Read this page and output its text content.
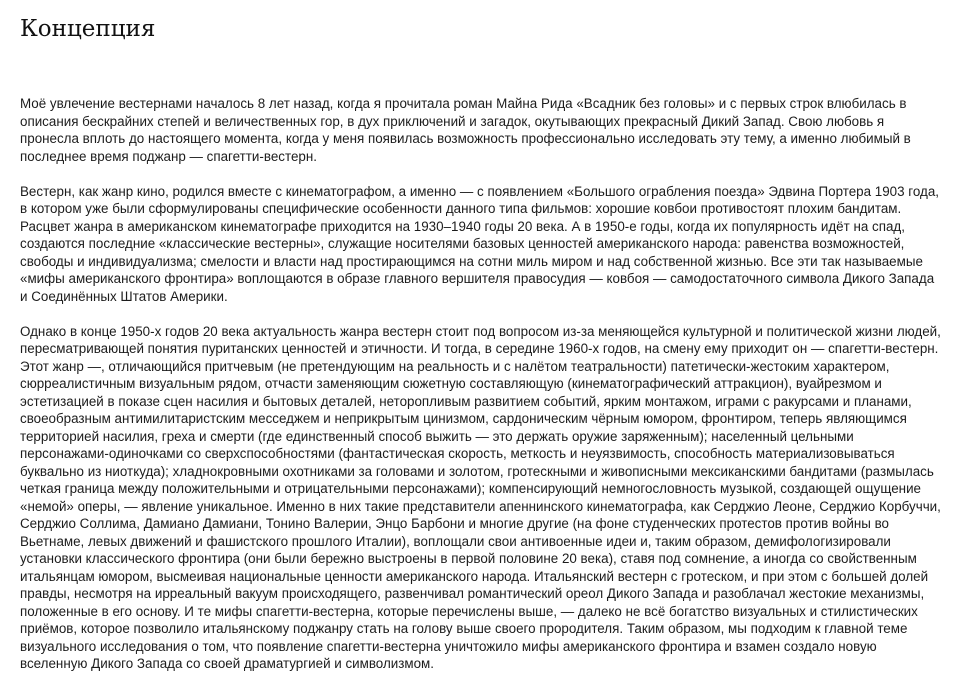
Концепция

Моё увлечение вестернами началось 8 лет назад, когда я прочитала роман Майна Рида «Всадник без головы» и с первых строк влюбилась в описания бескрайних степей и величественных гор, в дух приключений и загадок, окутывающих прекрасный Дикий Запад. Свою любовь я пронесла вплоть до настоящего момента, когда у меня появилась возможность профессионально исследовать эту тему, а именно любимый в последнее время поджанр — спагетти-вестерн.

Вестерн, как жанр кино, родился вместе с кинематографом, а именно — с появлением «Большого ограбления поезда» Эдвина Портера 1903 года, в котором уже были сформулированы специфические особенности данного типа фильмов: хорошие ковбои противостоят плохим бандитам. Расцвет жанра в американском кинематографе приходится на 1930–1940 годы 20 века. А в 1950-е годы, когда их популярность идёт на спад, создаются последние «классические вестерны», служащие носителями базовых ценностей американского народа: равенства возможностей, свободы и индивидуализма; смелости и власти над простирающимся на сотни миль миром и над собственной жизнью. Все эти так называемые «мифы американского фронтира» воплощаются в образе главного вершителя правосудия — ковбоя — самодостаточного символа Дикого Запада и Соединённых Штатов Америки.

Однако в конце 1950-х годов 20 века актуальность жанра вестерн стоит под вопросом из-за меняющейся культурной и политической жизни людей, пересматривающей понятия пуританских ценностей и этичности. И тогда, в середине 1960-х годов, на смену ему приходит он — спагетти-вестерн. Этот жанр —, отличающийся притчевым (не претендующим на реальность и с налётом театральности) патетически-жестоким характером, сюрреалистичным визуальным рядом, отчасти заменяющим сюжетную составляющую (кинематографический аттракцион), вуайрезмом и эстетизацией в показе сцен насилия и бытовых деталей, неторопливым развитием событий, ярким монтажом, играми с ракурсами и планами, своеобразным антимилитаристским месседжем и неприкрытым цинизмом, сардоническим чёрным юмором, фронтиром, теперь являющимся территорией насилия, греха и смерти (где единственный способ выжить — это держать оружие заряженным); населенный цельными персонажами-одиночками со сверхспособностями (фантастическая скорость, меткость и неуязвимость, способность материализовываться буквально из ниоткуда); хладнокровными охотниками за головами и золотом, гротескными и живописными мексиканскими бандитами (размылась четкая граница между положительными и отрицательными персонажами); компенсирующий немногословность музыкой, создающей ощущение «немой» оперы, — явление уникальное. Именно в них такие представители апеннинского кинематографа, как Серджио Леоне, Серджио Корбуччи, Серджио Соллима, Дамиано Дамиани, Тонино Валерии, Энцо Барбони и многие другие (на фоне студенческих протестов против войны во Вьетнаме, левых движений и фашистского прошлого Италии), воплощали свои антивоенные идеи и, таким образом, демифологизировали установки классического фронтира (они были бережно выстроены в первой половине 20 века), ставя под сомнение, а иногда со свойственным итальянцам юмором, высмеивая национальные ценности американского народа. Итальянский вестерн с гротеском, и при этом с большей долей правды, несмотря на ирреальный вакуум происходящего, развенчивал романтический ореол Дикого Запада и разоблачал жестокие механизмы, положенные в его основу. И те мифы спагетти-вестерна, которые перечислены выше, — далеко не всё богатство визуальных и стилистических приёмов, которое позволило итальянскому поджанру стать на голову выше своего прородителя. Таким образом, мы подходим к главной теме визуального исследования о том, что появление спагетти-вестерна уничтожило мифы американского фронтира и взамен создало новую вселенную Дикого Запада со своей драматургией и символизмом.
